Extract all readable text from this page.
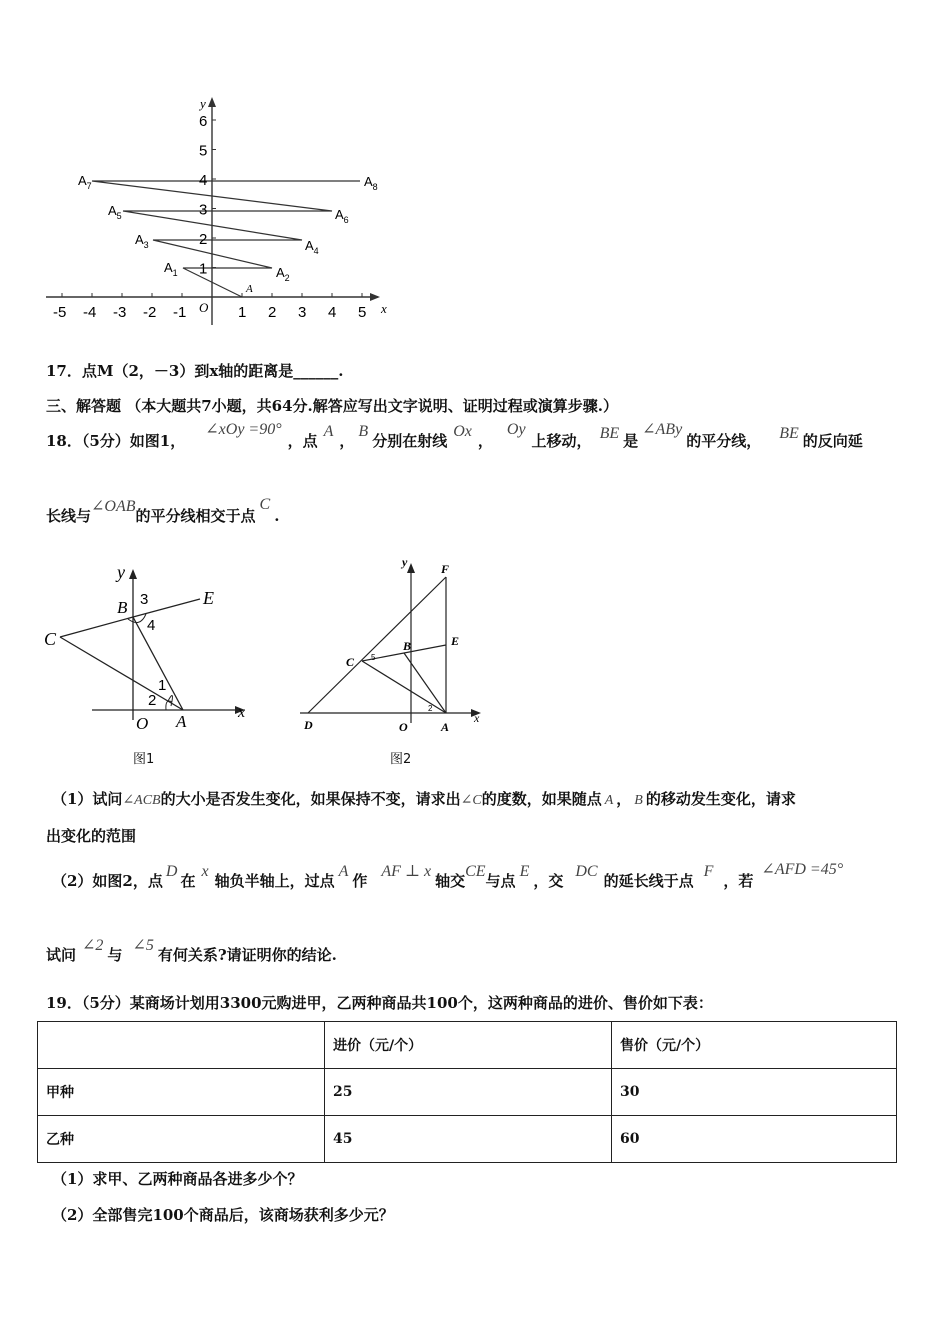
-5 -4 -3 -2 -1	1 2 3 4 5
1
2
3
4
5
6
y
x
O
A
$A_1$	$A_2$
$A_3$	$A_4$
$A_5$	$A_6$
$A_7$	$A_8$
17．点M（2，－3）到x轴的距离是______.
三、解答题 （本大题共7小题，共64分.解答应写出文字说明、证明过程或演算步骤.）
18．（5分）如图1，∠xOy =90°，点A，B分别在射线Ox，Oy上移动， BE 是∠ABy的平分线， BE 的反向延
长线与∠OAB的平分线相交于点C.
y
x
O A
B
C
E
1
2
3
4
图1
y
x
O	A
B
C
D
E
F
2
5
图2
（1）试问∠ACB的大小是否发生变化，如果保持不变，请求出∠C的度数，如果随点 A ， B 的移动发生变化，请求
出变化的范围
（2）如图2，点D在x轴负半轴上，过点A作AF ⊥ x轴交CE与点E，交DC的延长线于点F，若∠AFD =45°
试问∠2与∠5有何关系?请证明你的结论.
19．（5分）某商场计划用3300元购进甲，乙两种商品共100个，这两种商品的进价、售价如下表：
	进价（元/个）	售价（元/个）
甲种	25	30
乙种	45	60
（1）求甲、乙两种商品各进多少个？
（2）全部售完100个商品后，该商场获利多少元？
